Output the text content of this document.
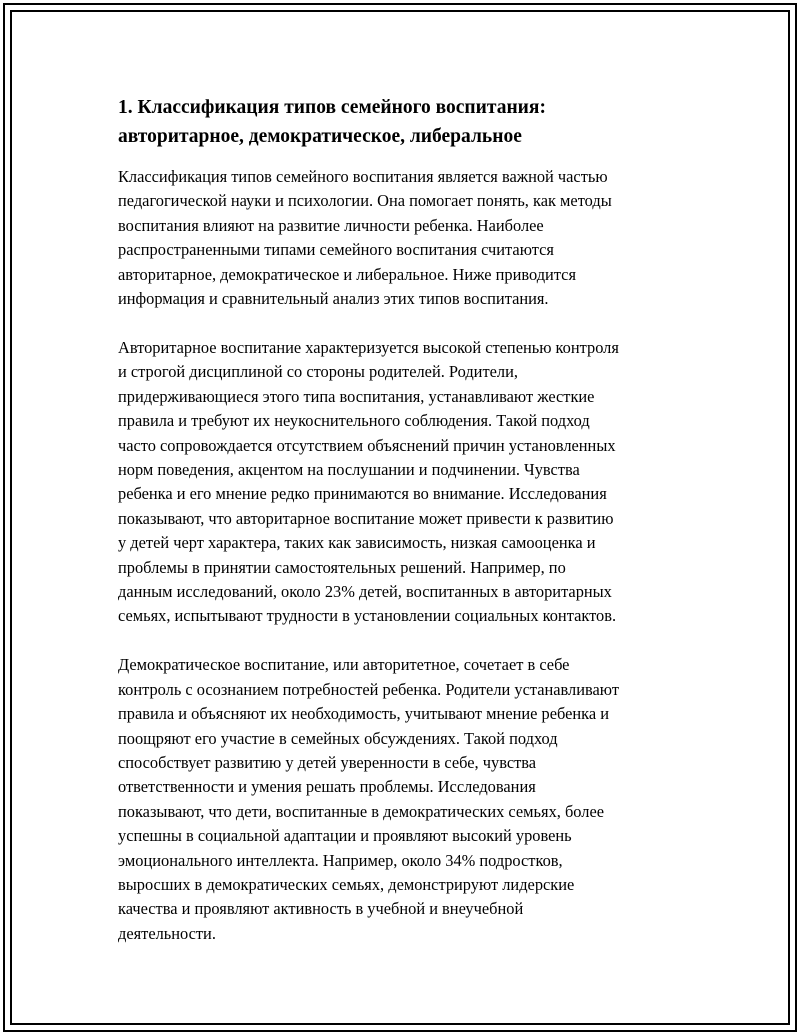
1. Классификация типов семейного воспитания:
авторитарное, демократическое, либеральное
Классификация типов семейного воспитания является важной частью
педагогической науки и психологии. Она помогает понять, как методы
воспитания влияют на развитие личности ребенка. Наиболее
распространенными типами семейного воспитания считаются
авторитарное, демократическое и либеральное. Ниже приводится
информация и сравнительный анализ этих типов воспитания.
Авторитарное воспитание характеризуется высокой степенью контроля
и строгой дисциплиной со стороны родителей. Родители,
придерживающиеся этого типа воспитания, устанавливают жесткие
правила и требуют их неукоснительного соблюдения. Такой подход
часто сопровождается отсутствием объяснений причин установленных
норм поведения, акцентом на послушании и подчинении. Чувства
ребенка и его мнение редко принимаются во внимание. Исследования
показывают, что авторитарное воспитание может привести к развитию
у детей черт характера, таких как зависимость, низкая самооценка и
проблемы в принятии самостоятельных решений. Например, по
данным исследований, около 23% детей, воспитанных в авторитарных
семьях, испытывают трудности в установлении социальных контактов.
Демократическое воспитание, или авторитетное, сочетает в себе
контроль с осознанием потребностей ребенка. Родители устанавливают
правила и объясняют их необходимость, учитывают мнение ребенка и
поощряют его участие в семейных обсуждениях. Такой подход
способствует развитию у детей уверенности в себе, чувства
ответственности и умения решать проблемы. Исследования
показывают, что дети, воспитанные в демократических семьях, более
успешны в социальной адаптации и проявляют высокий уровень
эмоционального интеллекта. Например, около 34% подростков,
выросших в демократических семьях, демонстрируют лидерские
качества и проявляют активность в учебной и внеучебной
деятельности.
